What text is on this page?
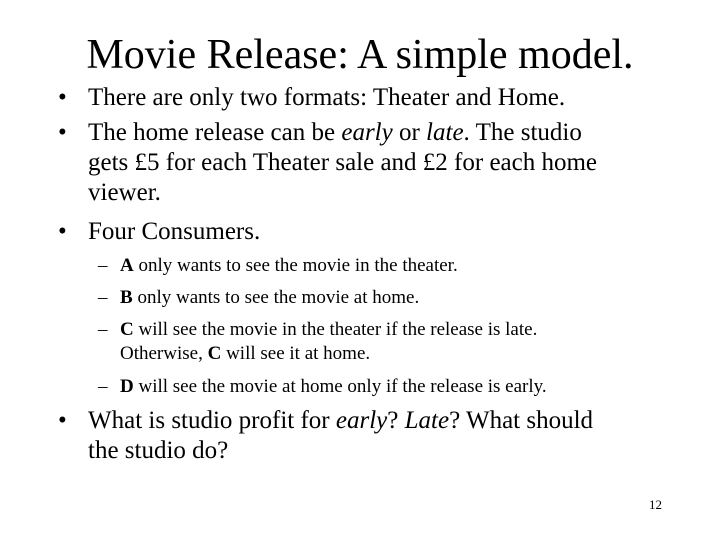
Movie Release: A simple model.
• There are only two formats: Theater and Home.
• The home release can be early or late. The studio
gets £5 for each Theater sale and £2 for each home
viewer.
• Four Consumers.
– A only wants to see the movie in the theater.
– B only wants to see the movie at home.
– C will see the movie in the theater if the release is late.
Otherwise, C will see it at home.
– D will see the movie at home only if the release is early.
• What is studio profit for early? Late? What should
the studio do?
12
